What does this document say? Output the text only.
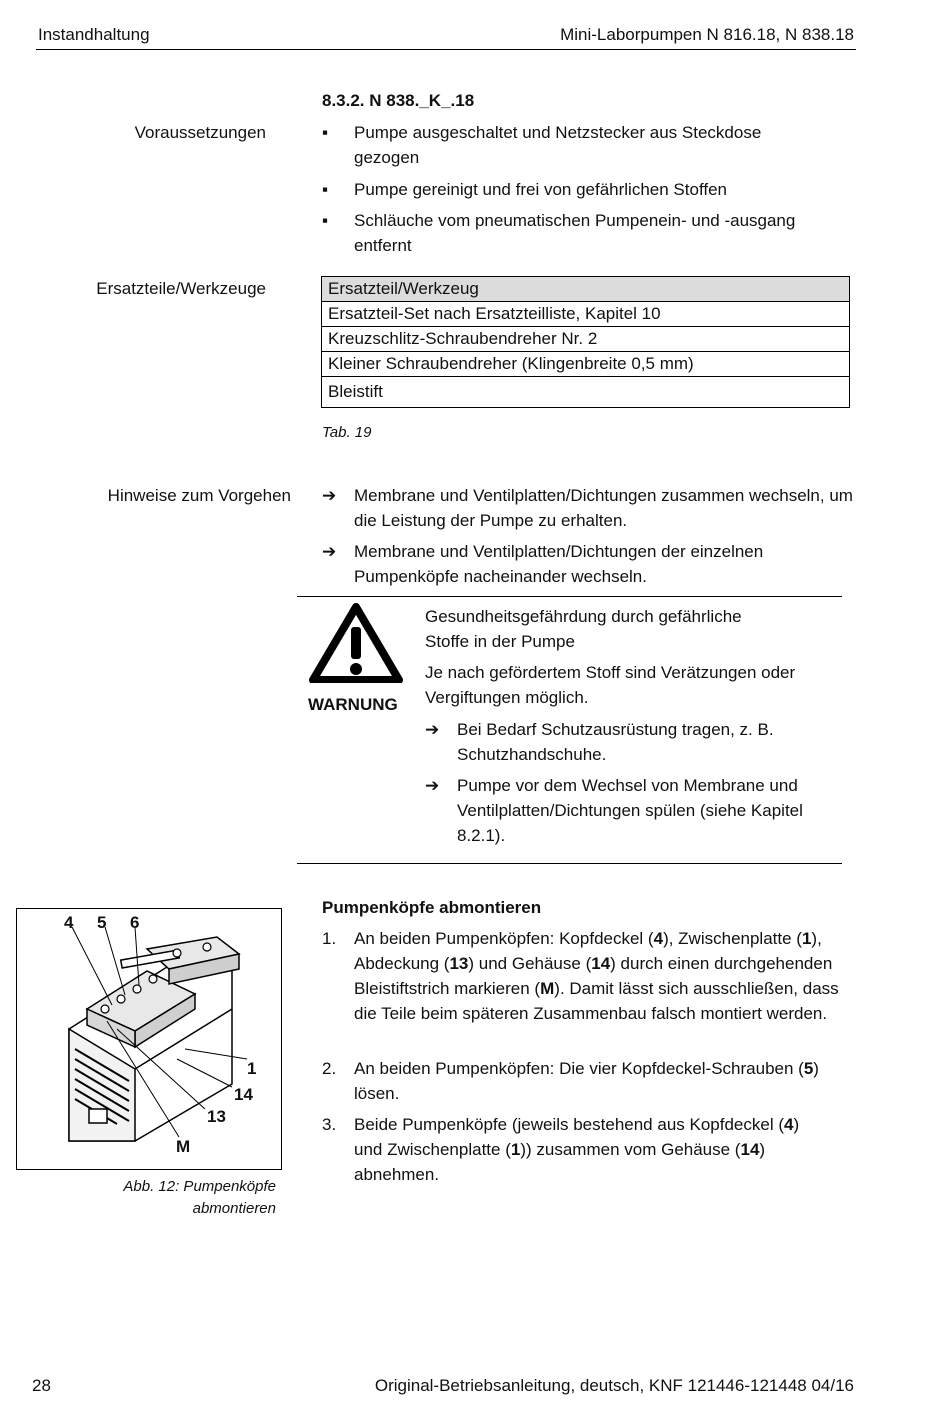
Instandhaltung	Mini-Laborpumpen N 816.18, N 838.18
8.3.2. N 838._K_.18
Voraussetzungen	▪ Pumpe ausgeschaltet und Netzstecker aus Steckdose gezogen
▪ Pumpe gereinigt und frei von gefährlichen Stoffen
▪ Schläuche vom pneumatischen Pumpenein- und -ausgang entfernt
Ersatzteile/Werkzeuge	Ersatzteil/Werkzeug
Ersatzteil-Set nach Ersatzteilliste, Kapitel 10
Kreuzschlitz-Schraubendreher Nr. 2
Kleiner Schraubendreher (Klingenbreite 0,5 mm)
Bleistift
Tab. 19
Hinweise zum Vorgehen ➔ Membrane und Ventilplatten/Dichtungen zusammen wechseln, um die Leistung der Pumpe zu erhalten.
➔ Membrane und Ventilplatten/Dichtungen der einzelnen Pumpenköpfe nacheinander wechseln.
WARNUNG
Gesundheitsgefährdung durch gefährliche
Stoffe in der Pumpe
Je nach gefördertem Stoff sind Verätzungen oder Vergiftungen möglich.
➔ Bei Bedarf Schutzausrüstung tragen, z. B. Schutzhandschuhe.
➔ Pumpe vor dem Wechsel von Membrane und Ventilplatten/Dichtungen spülen (siehe Kapitel 8.2.1).
4 5 6
1
14
13
M
Abb. 12: Pumpenköpfe
abmontieren
Pumpenköpfe abmontieren
1. An beiden Pumpenköpfen: Kopfdeckel (4), Zwischenplatte (1), Abdeckung (13) und Gehäuse (14) durch einen durchgehenden Bleistiftstrich markieren (M). Damit lässt sich ausschließen, dass die Teile beim späteren Zusammenbau falsch montiert werden.
2. An beiden Pumpenköpfen: Die vier Kopfdeckel-Schrauben (5) lösen.
3. Beide Pumpenköpfe (jeweils bestehend aus Kopfdeckel (4) und Zwischenplatte (1)) zusammen vom Gehäuse (14) abnehmen.
28	Original-Betriebsanleitung, deutsch, KNF 121446-121448 04/16
